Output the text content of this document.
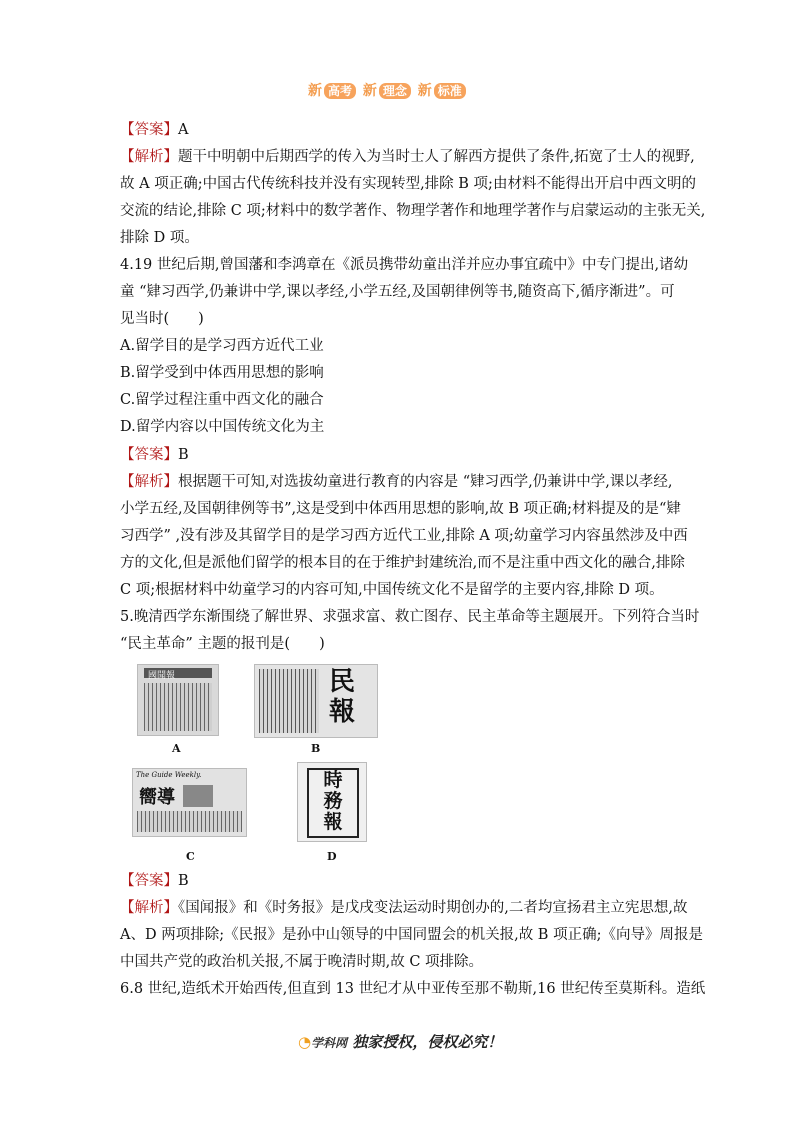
新 高考 新 理念 新 标准
【答案】A
【解析】题干中明朝中后期西学的传入为当时士人了解西方提供了条件,拓宽了士人的视野,
故 A 项正确;中国古代传统科技并没有实现转型,排除 B 项;由材料不能得出开启中西文明的
交流的结论,排除 C 项;材料中的数学著作、物理学著作和地理学著作与启蒙运动的主张无关,
排除 D 项。
4.19 世纪后期,曾国藩和李鸿章在《派员携带幼童出洋并应办事宜疏中》中专门提出,诸幼
童 “肄习西学,仍兼讲中学,课以孝经,小学五经,及国朝律例等书,随资高下,循序渐进”。可
见当时(　　)
A.留学目的是学习西方近代工业
B.留学受到中体西用思想的影响
C.留学过程注重中西文化的融合
D.留学内容以中国传统文化为主
【答案】B
【解析】根据题干可知,对选拔幼童进行教育的内容是 “肄习西学,仍兼讲中学,课以孝经,
小学五经,及国朝律例等书”,这是受到中体西用思想的影响,故 B 项正确;材料提及的是“肄
习西学” ,没有涉及其留学目的是学习西方近代工业,排除 A 项;幼童学习内容虽然涉及中西
方的文化,但是派他们留学的根本目的在于维护封建统治,而不是注重中西文化的融合,排除
C 项;根据材料中幼童学习的内容可知,中国传统文化不是留学的主要内容,排除 D 项。
5.晚清西学东渐围绕了解世界、求强求富、救亡图存、民主革命等主题展开。下列符合当时
“民主革命” 主题的报刊是(　　)
國聞報
A
民
報
B
The Guide Weekly.
嚮導
C
時
務
報
D
【答案】B
【解析】《国闻报》和《时务报》是戊戌变法运动时期创办的,二者均宣扬君主立宪思想,故
A、D 两项排除;《民报》是孙中山领导的中国同盟会的机关报,故 B 项正确;《向导》周报是
中国共产党的政治机关报,不属于晚清时期,故 C 项排除。
6.8 世纪,造纸术开始西传,但直到 13 世纪才从中亚传至那不勒斯,16 世纪传至莫斯科。造纸
◔学科网 独家授权，侵权必究！
